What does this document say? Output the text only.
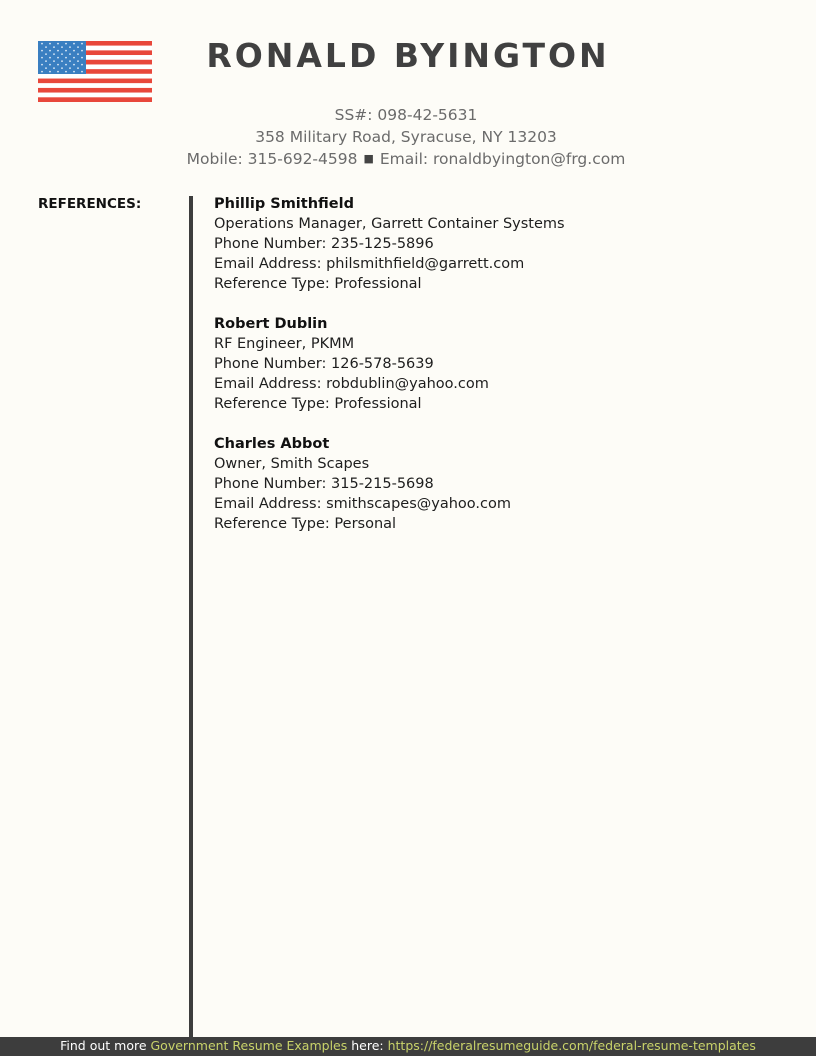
RONALD BYINGTON
SS#: 098-42-5631
358 Military Road, Syracuse, NY 13203
Mobile: 315-692-4598 ■ Email: ronaldbyington@frg.com
REFERENCES:	Phillip Smithfield
Operations Manager, Garrett Container Systems
Phone Number: 235-125-5896
Email Address: philsmithfield@garrett.com
Reference Type: Professional
Robert Dublin
RF Engineer, PKMM
Phone Number: 126-578-5639
Email Address: robdublin@yahoo.com
Reference Type: Professional
Charles Abbot
Owner, Smith Scapes
Phone Number: 315-215-5698
Email Address: smithscapes@yahoo.com
Reference Type: Personal
Find out more Government Resume Examples here: https://federalresumeguide.com/federal-resume-templates
